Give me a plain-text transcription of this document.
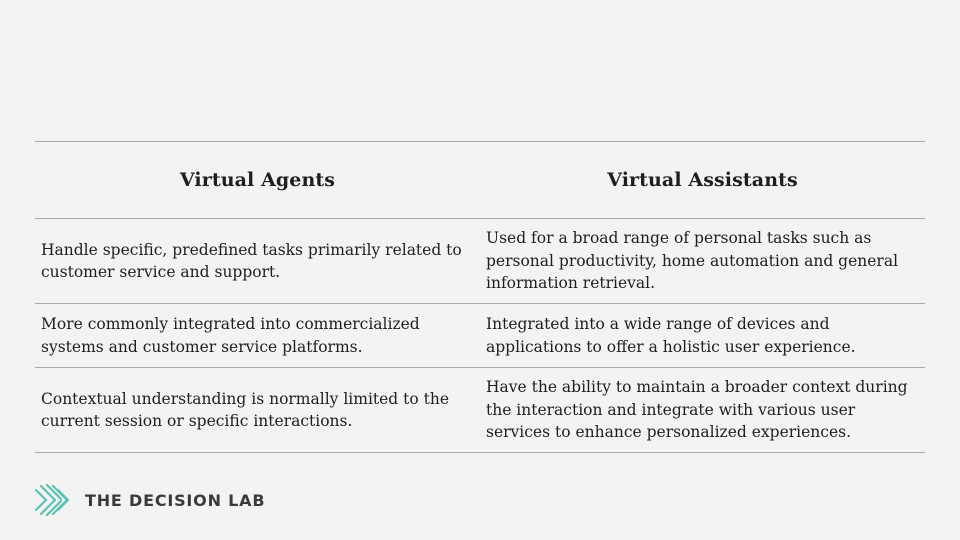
Virtual Agents	Virtual Assistants
Handle specific, predefined tasks primarily related to customer service and support.
Used for a broad range of personal tasks such as personal productivity, home automation and general information retrieval.
More commonly integrated into commercialized systems and customer service platforms.
Integrated into a wide range of devices and applications to offer a holistic user experience.
Contextual understanding is normally limited to the current session or specific interactions.
Have the ability to maintain a broader context during the interaction and integrate with various user services to enhance personalized experiences.
THE DECISION LAB
